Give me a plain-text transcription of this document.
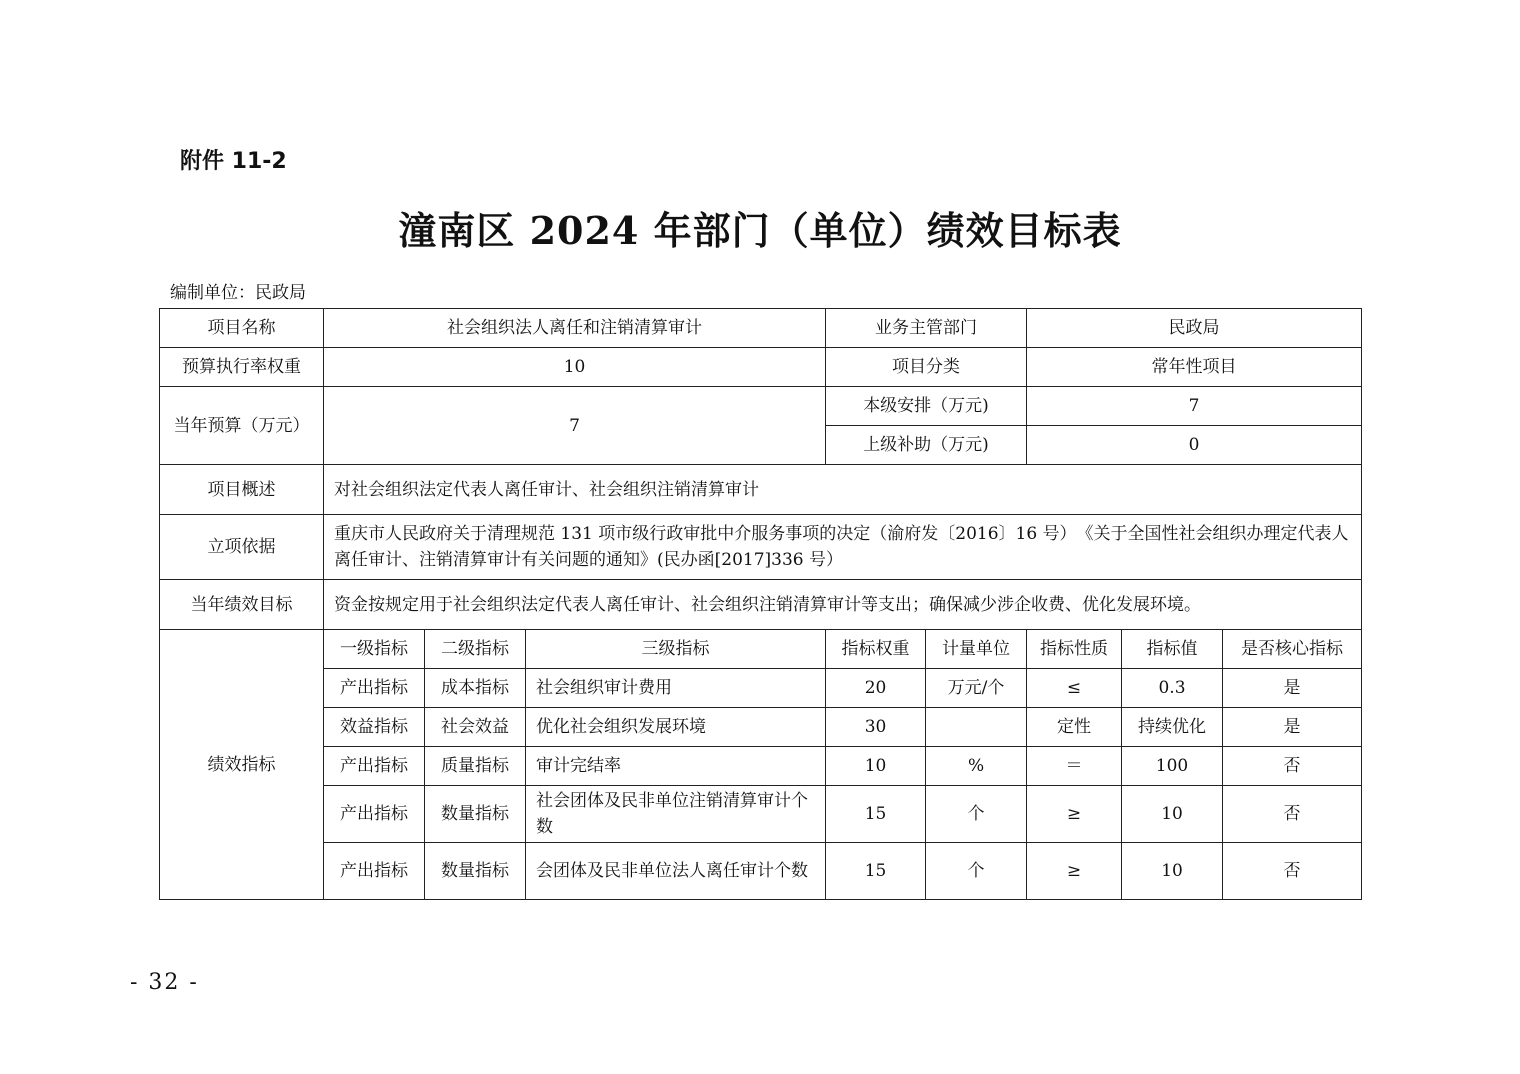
附件 11-2
潼南区 2024 年部门（单位）绩效目标表
编制单位：民政局
项目名称	社会组织法人离任和注销清算审计			业务主管部门		民政局		
预算执行率权重	10			项目分类		常年性项目		
当年预算（万元）	7			本级安排（万元)		7		
				上级补助（万元)		0		
项目概述	对社会组织法定代表人离任审计、社会组织注销清算审计							
立项依据	重庆市人民政府关于清理规范 131 项市级行政审批中介服务事项的决定（渝府发〔2016〕16 号）　《关于全国性社会组织办理定代表人离任审计、注销清算审计有关问题的通知》(民办函[2017]336 号）							
当年绩效目标	资金按规定用于社会组织法定代表人离任审计、社会组织注销清算审计等支出；确保减少涉企收费、优化发展环境。							
绩效指标	一级指标	二级指标	三级指标	指标权重	计量单位	指标性质	指标值	是否核心指标
	产出指标	成本指标	社会组织审计费用	20	万元/个	≤	0.3	是
	效益指标	社会效益	优化社会组织发展环境	30		定性	持续优化	是
	产出指标	质量指标	审计完结率	10	%	＝	100	否
	产出指标	数量指标	社会团体及民非单位注销清算审计个数	15	个	≥	10	否
	产出指标	数量指标	会团体及民非单位法人离任审计个数	15	个	≥	10	否
- 32 -
